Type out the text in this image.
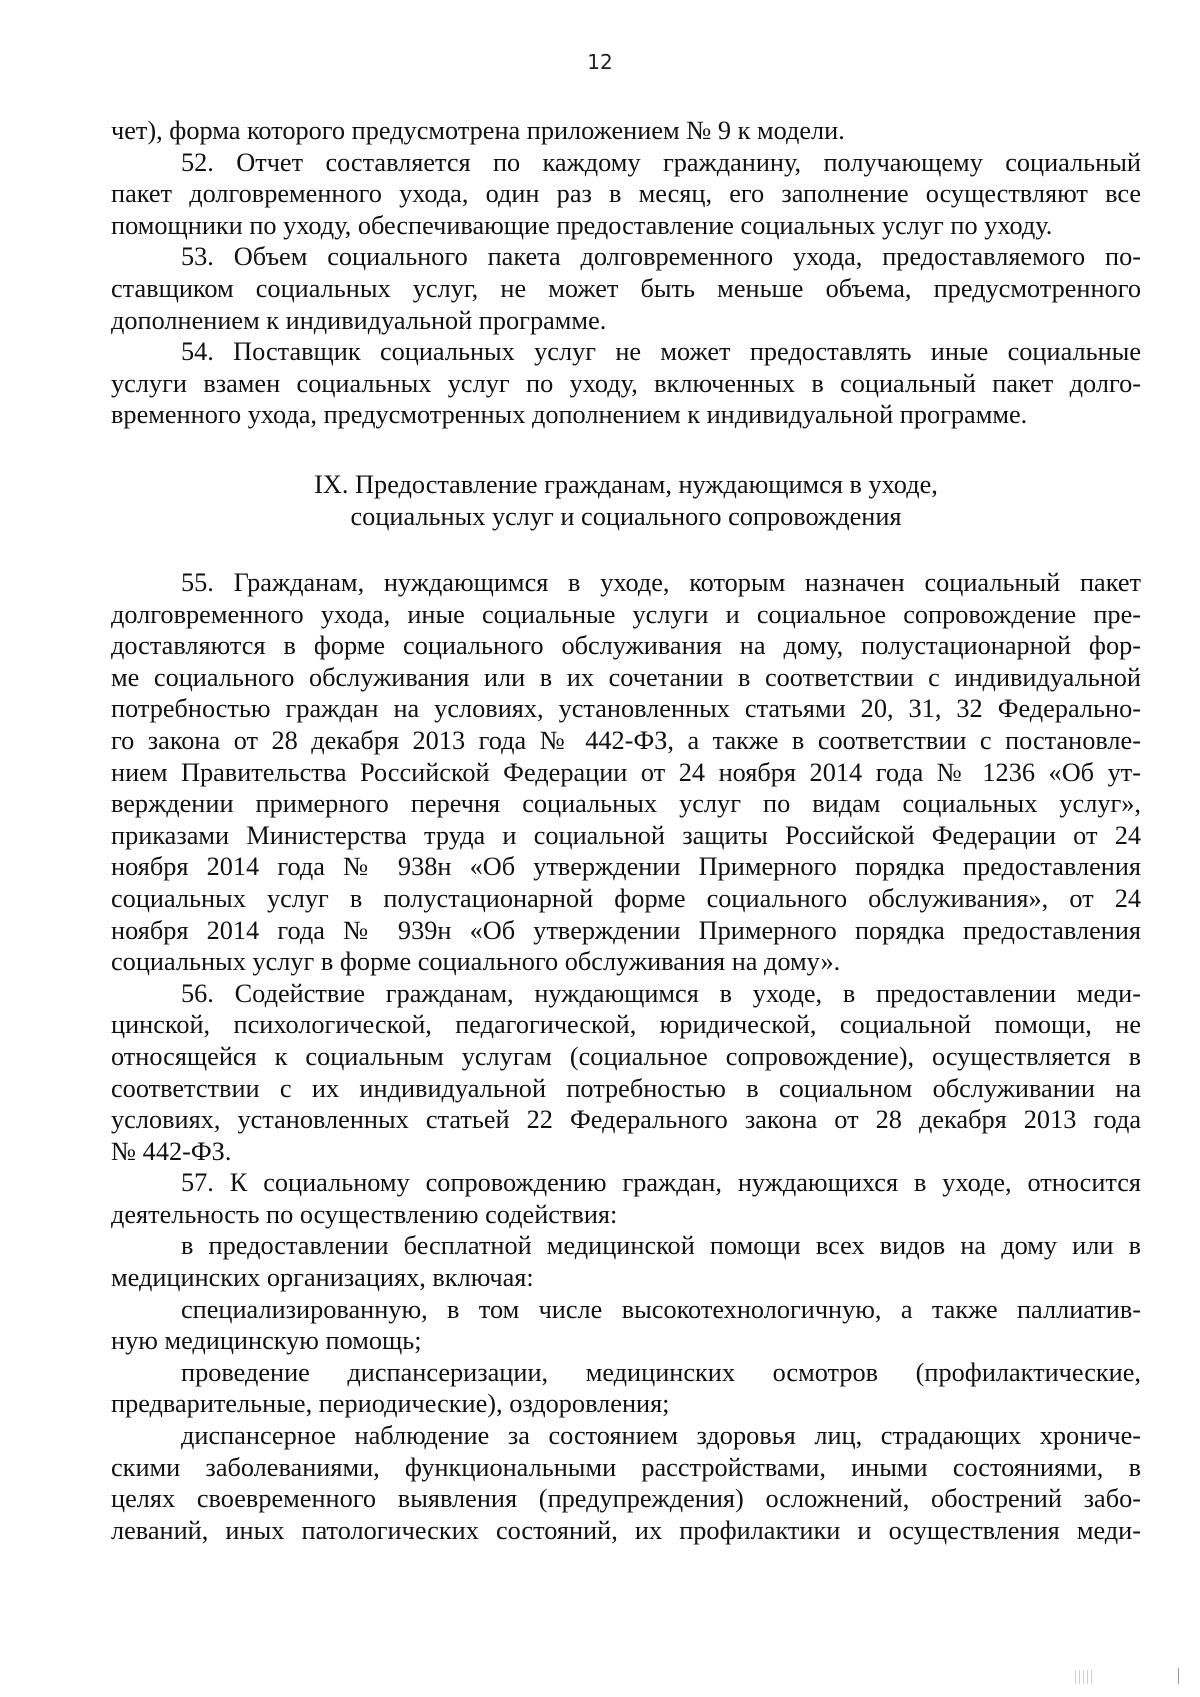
12
чет), форма которого предусмотрена приложением № 9 к модели.
52. Отчет составляется по каждому гражданину, получающему социальный
пакет долговременного ухода, один раз в месяц, его заполнение осуществляют все
помощники по уходу, обеспечивающие предоставление социальных услуг по уходу.
53. Объем социального пакета долговременного ухода, предоставляемого по-
ставщиком социальных услуг, не может быть меньше объема, предусмотренного
дополнением к индивидуальной программе.
54. Поставщик социальных услуг не может предоставлять иные социальные
услуги взамен социальных услуг по уходу, включенных в социальный пакет долго-
временного ухода, предусмотренных дополнением к индивидуальной программе.
IX. Предоставление гражданам, нуждающимся в уходе,
социальных услуг и социального сопровождения
55. Гражданам, нуждающимся в уходе, которым назначен социальный пакет
долговременного ухода, иные социальные услуги и социальное сопровождение пре-
доставляются в форме социального обслуживания на дому, полустационарной фор-
ме социального обслуживания или в их сочетании в соответствии с индивидуальной
потребностью граждан на условиях, установленных статьями 20, 31, 32 Федерально-
го закона от 28 декабря 2013 года № 442-ФЗ, а также в соответствии с постановле-
нием Правительства Российской Федерации от 24 ноября 2014 года № 1236 «Об ут-
верждении примерного перечня социальных услуг по видам социальных услуг»,
приказами Министерства труда и социальной защиты Российской Федерации от 24
ноября 2014 года № 938н «Об утверждении Примерного порядка предоставления
социальных услуг в полустационарной форме социального обслуживания», от 24
ноября 2014 года № 939н «Об утверждении Примерного порядка предоставления
социальных услуг в форме социального обслуживания на дому».
56. Содействие гражданам, нуждающимся в уходе, в предоставлении меди-
цинской, психологической, педагогической, юридической, социальной помощи, не
относящейся к социальным услугам (социальное сопровождение), осуществляется в
соответствии с их индивидуальной потребностью в социальном обслуживании на
условиях, установленных статьей 22 Федерального закона от 28 декабря 2013 года
№ 442-ФЗ.
57. К социальному сопровождению граждан, нуждающихся в уходе, относится
деятельность по осуществлению содействия:
в предоставлении бесплатной медицинской помощи всех видов на дому или в
медицинских организациях, включая:
специализированную, в том числе высокотехнологичную, а также паллиатив-
ную медицинскую помощь;
проведение диспансеризации, медицинских осмотров (профилактические,
предварительные, периодические), оздоровления;
диспансерное наблюдение за состоянием здоровья лиц, страдающих хрониче-
скими заболеваниями, функциональными расстройствами, иными состояниями, в
целях своевременного выявления (предупреждения) осложнений, обострений забо-
леваний, иных патологических состояний, их профилактики и осуществления меди-
